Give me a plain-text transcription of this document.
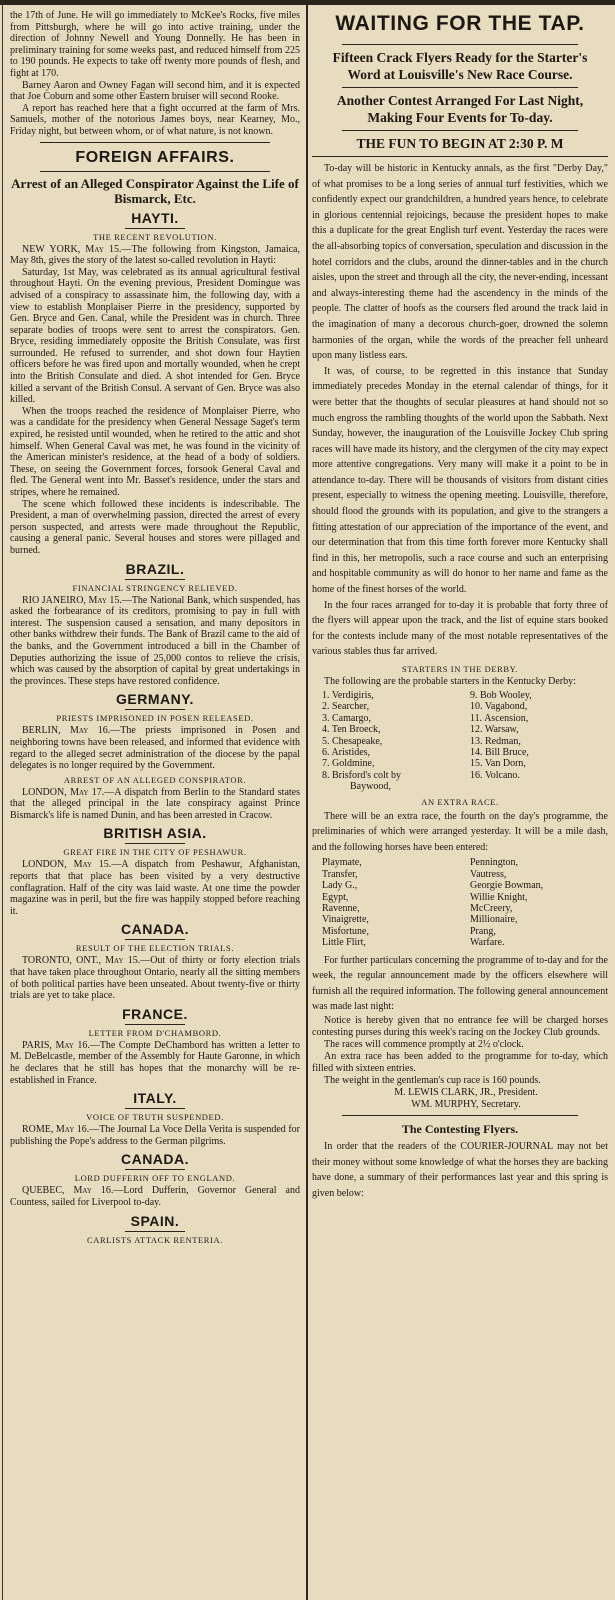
the 17th of June. He will go immediately to McKee's Rocks, five miles from Pittsburgh, where he will go into active training, under the direction of Johnny Newell and Young Donnelly. He has been in preliminary training for some weeks past, and reduced himself from 225 to 190 pounds. He expects to take off twenty more pounds of flesh, and fight at 170.

Barney Aaron and Owney Fagan will second him, and it is expected that Joe Coburn and some other Eastern bruiser will second Rooke.

A report has reached here that a fight occurred at the farm of Mrs. Samuels, mother of the notorious James boys, near Kearney, Mo., Friday night, but between whom, or of what nature, is not known.

FOREIGN AFFAIRS.
Arrest of an Alleged Conspirator Against the Life of Bismarck, Etc.
HAYTI.
THE RECENT REVOLUTION.

NEW YORK, May 15.—The following from Kingston, Jamaica, May 8th, gives the story of the latest so-called revolution in Hayti:

Saturday, 1st May, was celebrated as its annual agricultural festival throughout Hayti. On the evening previous, President Domingue was advised of a conspiracy to assassinate him, the following day, with a view to establish Monplaiser Pierre in the presidency, supported by Gen. Bryce and Gen. Canal, while the President was in church. Three separate bodies of troops were sent to arrest the conspirators. Gen. Bryce, residing immediately opposite the British Consulate, was first surrounded. He refused to surrender, and shot down four Haytien officers before he was fired upon and mortally wounded, when he crept into the British Consulate and died. A shot intended for Gen. Bryce killed a servant of the British Consul. A servant of Gen. Bryce was also killed.

When the troops reached the residence of Monplaiser Pierre, who was a candidate for the presidency when General Nessage Saget's term expired, he resisted until wounded, when he retired to the attic and shot himself. When General Caval was met, he was found in the vicinity of the American minister's residence, at the head of a body of soldiers. These, on seeing the Government forces, forsook General Caval and fled. The General went into Mr. Basset's residence, under the stars and stripes, where he remained.

The scene which followed these incidents is indescribable. The President, a man of overwhelming passion, directed the arrest of every person suspected, and arrests were made throughout the Republic, causing a general panic. Several houses and stores were pillaged and burned.

BRAZIL.
FINANCIAL STRINGENCY RELIEVED.

RIO JANEIRO, May 15.—The National Bank, which suspended, has asked the forbearance of its creditors, promising to pay in full with interest. The suspension caused a sensation, and many depositors in other banks withdrew their funds. The Bank of Brazil came to the aid of the banks, and the Government introduced a bill in the Chamber of Deputies authorizing the issue of 25,000 contos to relieve the crisis, which was caused by the absorption of capital by great undertakings in the provinces. These steps have restored confidence.

GERMANY.
PRIESTS IMPRISONED IN POSEN RELEASED.

BERLIN, May 16.—The priests imprisoned in Posen and neighboring towns have been released, and informed that evidence with regard to the alleged secret administration of the diocese by the papal delegates is no longer required by the Government.

ARREST OF AN ALLEGED CONSPIRATOR.

LONDON, May 17.—A dispatch from Berlin to the Standard states that the alleged principal in the late conspiracy against Prince Bismarck's life is named Dunin, and has been arrested in Cracow.

BRITISH ASIA.
GREAT FIRE IN THE CITY OF PESHAWUR.

LONDON, May 15.—A dispatch from Peshawur, Afghanistan, reports that that place has been visited by a very destructive conflagration. Half of the city was laid waste. At one time the powder magazine was in peril, but the fire was happily stopped before reaching it.

CANADA.
RESULT OF THE ELECTION TRIALS.

TORONTO, ONT., May 15.—Out of thirty or forty election trials that have taken place throughout Ontario, nearly all the sitting members of both political parties have been unseated. About twenty-five or thirty trials are yet to take place.

FRANCE.
LETTER FROM D'CHAMBORD.

PARIS, May 16.—The Compte DeChambord has written a letter to M. DeBelcastle, member of the Assembly for Haute Garonne, in which he declares that he still has hopes that the monarchy will be re-established in France.

ITALY.
VOICE OF TRUTH SUSPENDED.

ROME, May 16.—The Journal La Voce Della Verita is suspended for publishing the Pope's address to the German pilgrims.

CANADA.
LORD DUFFERIN OFF TO ENGLAND.

QUEBEC, May 16.—Lord Dufferin, Governor General and Countess, sailed for Liverpool to-day.

SPAIN.
CARLISTS ATTACK RENTERIA.
WAITING FOR THE TAP.
Fifteen Crack Flyers Ready for the Starter's Word at Louisville's New Race Course.
Another Contest Arranged For Last Night, Making Four Events for To-day.
THE FUN TO BEGIN AT 2:30 P. M

To-day will be historic in Kentucky annals, as the first "Derby Day," of what promises to be a long series of annual turf festivities, which we confidently expect our grandchildren, a hundred years hence, to celebrate in glorious centennial rejoicings, because the president hopes to make this a duplicate for the great English turf event. Yesterday the races were the all-absorbing topics of conversation, speculation and discussion in the hotel corridors and the clubs, around the dinner-tables and in the church aisles, upon the street and through all the city, the never-ending, incessant and always-interesting theme had the ascendency in the minds of the people. The clatter of hoofs as the coursers fled around the track laid in the imagination of many a decorous church-goer, drowned the solemn harmonies of the organ, while the words of the preacher fell unheard upon many listless ears.

It was, of course, to be regretted in this instance that Sunday immediately precedes Monday in the eternal calendar of things, for it were better that the thoughts of secular pleasures at hand should not so much engross the rambling thoughts of the world upon the Sabbath. Next Sunday, however, the inauguration of the Louisville Jockey Club spring races will have made its history, and the clergymen of the city may expect more attentive congregations. Very many will make it a point to be in attendance to-day. There will be thousands of visitors from distant cities present, especially to witness the opening meeting. Louisville, therefore, should flood the grounds with its population, and give to the strangers a fitting attestation of our appreciation of the importance of the event, and our determination that from this time forth forever more Kentucky shall find in this, her metropolis, such a race course and such an enterprising and hospitable community as will do honor to her name and fame as the home of the finest horses of the world.

In the four races arranged for to-day it is probable that forty three of the flyers will appear upon the track, and the list of equine stars booked for the contests include many of the most notable representatives of the various stables thus far arrived.

STARTERS IN THE DERBY.

The following are the probable starters in the Kentucky Derby:

1. Verdigiris,	9. Bob Wooley,
2. Searcher,	10. Vagabond,
3. Camargo,	11. Ascension,
4. Ten Broeck,	12. Warsaw,
5. Chesapeake,	13. Redman,
6. Aristides,	14. Bill Bruce,
7. Goldmine,	15. Van Dorn,
8. Brisford's colt by	16. Volcano.
Baywood,
AN EXTRA RACE.

There will be an extra race, the fourth on the day's programme, the preliminaries of which were arranged yesterday. It will be a mile dash, and the following horses have been entered:

Playmate,	Pennington,
Transfer,	Vautress,
Lady G.,	Georgie Bowman,
Egypt,	Willie Knight,
Ravenne,	McCreery,
Vinaigrette,	Millionaire,
Misfortune,	Prang,
Little Flirt,	Warfare.

For further particulars concerning the programme of to-day and for the week, the regular announcement made by the officers elsewhere will furnish all the required information. The following general announcement was made last night:

Notice is hereby given that no entrance fee will be charged horses contesting purses during this week's racing on the Jockey Club grounds.

The races will commence promptly at 2½ o'clock.

An extra race has been added to the programme for to-day, which filled with sixteen entries.

The weight in the gentleman's cup race is 160 pounds.

M. LEWIS CLARK, JR., President.

WM. MURPHY, Secretary.

The Contesting Flyers.

In order that the readers of the COURIER-JOURNAL may not bet their money without some knowledge of what the horses they are backing have done, a summary of their performances last year and this spring is given below:
